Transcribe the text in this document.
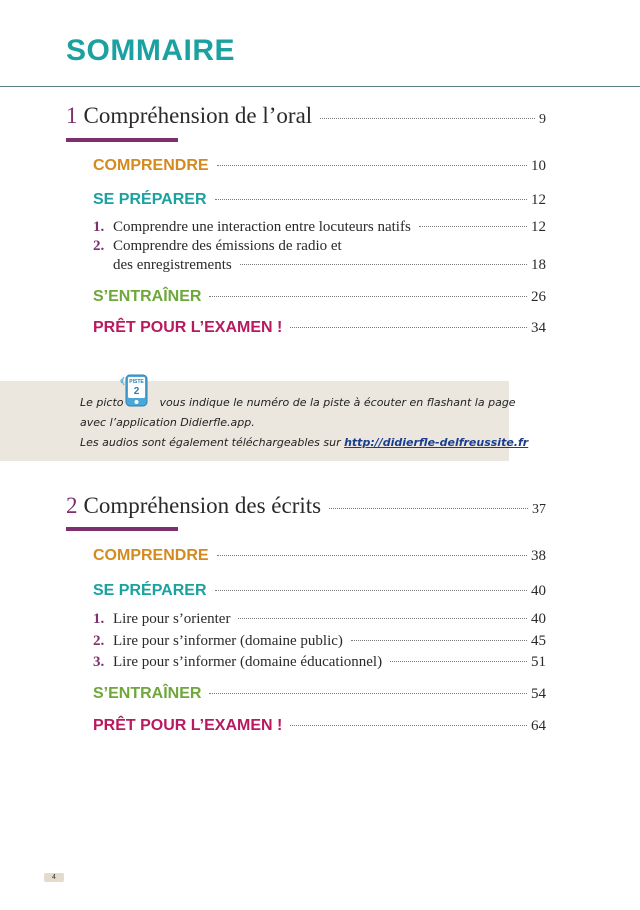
SOMMAIRE
1 Compréhension de l’oral	9
COMPRENDRE	10
SE PRÉPARER	12
1. Comprendre une interaction entre locuteurs natifs	12
2. Comprendre des émissions de radio et
des enregistrements	18
S’ENTRAÎNER	26
PRÊT POUR L’EXAMEN !	34

Le picto	vous indique le numéro de la piste à écouter en flashant la page

avec l’application Didierfle.app.

Les audios sont également téléchargeables sur http://didierfle-delfreussite.fr

PISTE
2
2 Compréhension des écrits	37
COMPRENDRE	38
SE PRÉPARER	40
1. Lire pour s’orienter	40
2. Lire pour s’informer (domaine public)	45
3. Lire pour s’informer (domaine éducationnel)	51
S’ENTRAÎNER	54
PRÊT POUR L’EXAMEN !	64
4
